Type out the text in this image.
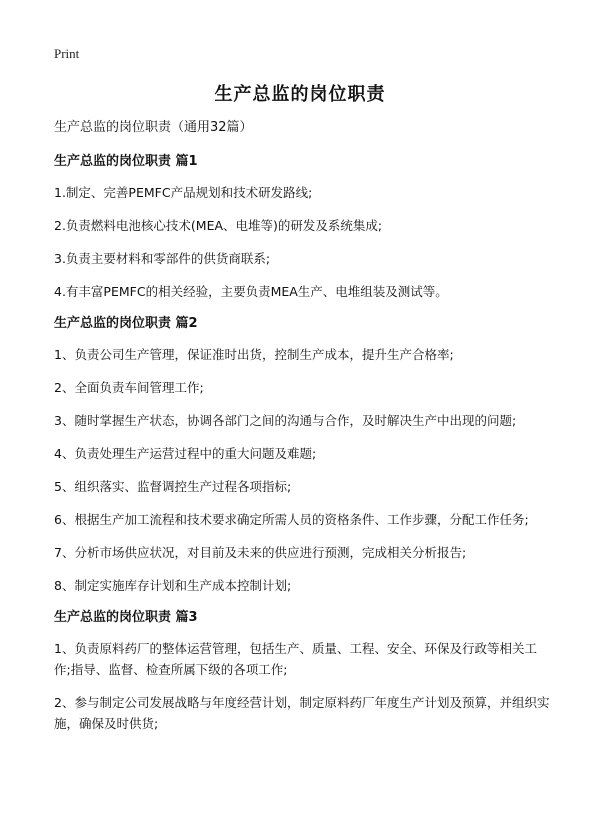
Print
生产总监的岗位职责
生产总监的岗位职责（通用32篇）
生产总监的岗位职责 篇1
1.制定、完善PEMFC产品规划和技术研发路线;
2.负责燃料电池核心技术(MEA、电堆等)的研发及系统集成;
3.负责主要材料和零部件的供货商联系;
4.有丰富PEMFC的相关经验，主要负责MEA生产、电堆组装及测试等。
生产总监的岗位职责 篇2
1、负责公司生产管理，保证准时出货，控制生产成本，提升生产合格率;
2、全面负责车间管理工作;
3、随时掌握生产状态，协调各部门之间的沟通与合作，及时解决生产中出现的问题;
4、负责处理生产运营过程中的重大问题及难题;
5、组织落实、监督调控生产过程各项指标;
6、根据生产加工流程和技术要求确定所需人员的资格条件、工作步骤，分配工作任务;
7、分析市场供应状况，对目前及未来的供应进行预测，完成相关分析报告;
8、制定实施库存计划和生产成本控制计划;
生产总监的岗位职责 篇3
1、负责原料药厂的整体运营管理，包括生产、质量、工程、安全、环保及行政等相关工作;指导、监督、检查所属下级的各项工作;
2、参与制定公司发展战略与年度经营计划，制定原料药厂年度生产计划及预算，并组织实施，确保及时供货;
